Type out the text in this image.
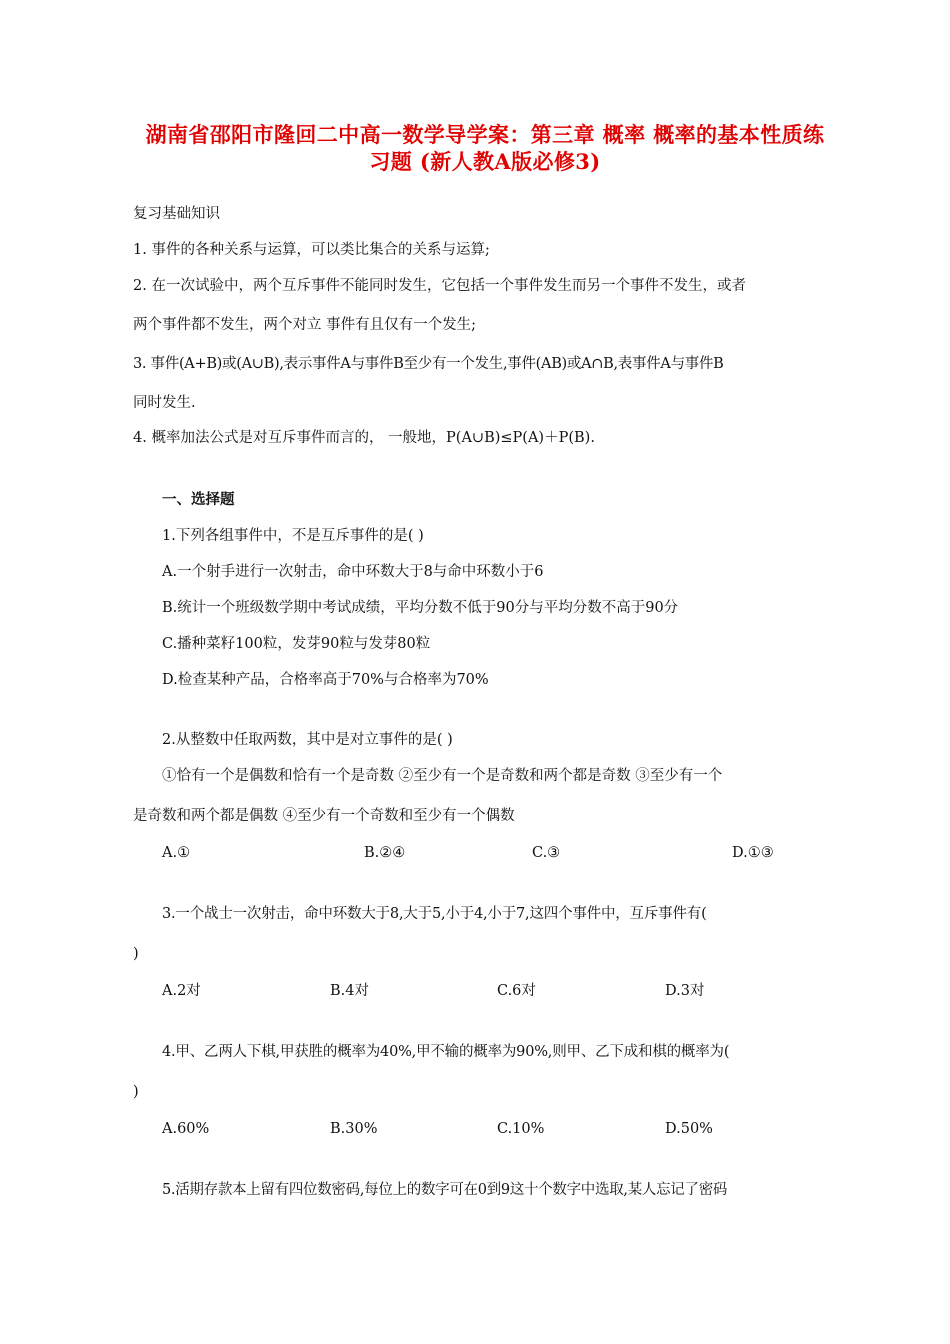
湖南省邵阳市隆回二中高一数学导学案：第三章 概率 概率的基本性质练
习题 (新人教A版必修3)
复习基础知识
1. 事件的各种关系与运算，可以类比集合的关系与运算;
2. 在一次试验中，两个互斥事件不能同时发生，它包括一个事件发生而另一个事件不发生，或者
两个事件都不发生，两个对立 事件有且仅有一个发生;
3. 事件(A+B)或(A∪B),表示事件A与事件B至少有一个发生,事件(AB)或A∩B,表事件A与事件B
同时发生.
4. 概率加法公式是对互斥事件而言的， 一般地，P(A∪B)≤P(A)＋P(B).
一、选择题
1.下列各组事件中，不是互斥事件的是( )
A.一个射手进行一次射击，命中环数大于8与命中环数小于6
B.统计一个班级数学期中考试成绩，平均分数不低于90分与平均分数不高于90分
C.播种菜籽100粒，发芽90粒与发芽80粒
D.检查某种产品，合格率高于70%与合格率为70%
2.从整数中任取两数，其中是对立事件的是( )
①恰有一个是偶数和恰有一个是奇数 ②至少有一个是奇数和两个都是奇数 ③至少有一个
是奇数和两个都是偶数 ④至少有一个奇数和至少有一个偶数
A.①	B.②④	C.③	D.①③
3.一个战士一次射击，命中环数大于8,大于5,小于4,小于7,这四个事件中，互斥事件有(
)
A.2对	B.4对	C.6对	D.3对
4.甲、乙两人下棋,甲获胜的概率为40%,甲不输的概率为90%,则甲、乙下成和棋的概率为(
)
A.60%	B.30%	C.10%	D.50%
5.活期存款本上留有四位数密码,每位上的数字可在0到9这十个数字中选取,某人忘记了密码
